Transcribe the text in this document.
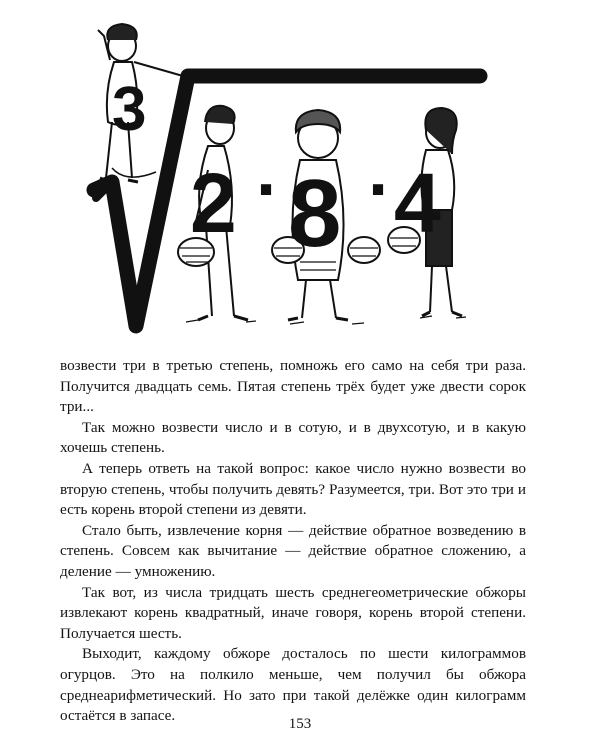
3
2 · 8 · 4

возвести три в третью степень, помножь его само на себя три раза. Получится двадцать семь. Пятая степень трёх будет уже двести сорок три...

Так можно возвести число и в сотую, и в двухсотую, и в какую хочешь степень.

А теперь ответь на такой вопрос: какое число нужно возвести во вторую степень, чтобы получить девять? Разумеется, три. Вот это три и есть корень второй степени из девяти.

Стало быть, извлечение корня — действие обратное возведению в степень. Совсем как вычитание — действие обратное сложению, а деление — умножению.

Так вот, из числа тридцать шесть среднегеометрические обжоры извлекают корень квадратный, иначе говоря, корень второй степени. Получается шесть.

Выходит, каждому обжоре досталось по шести килограммов огурцов. Это на полкило меньше, чем получил бы обжора среднеарифметический. Но зато при такой делёжке один килограмм остаётся в запасе.	153
